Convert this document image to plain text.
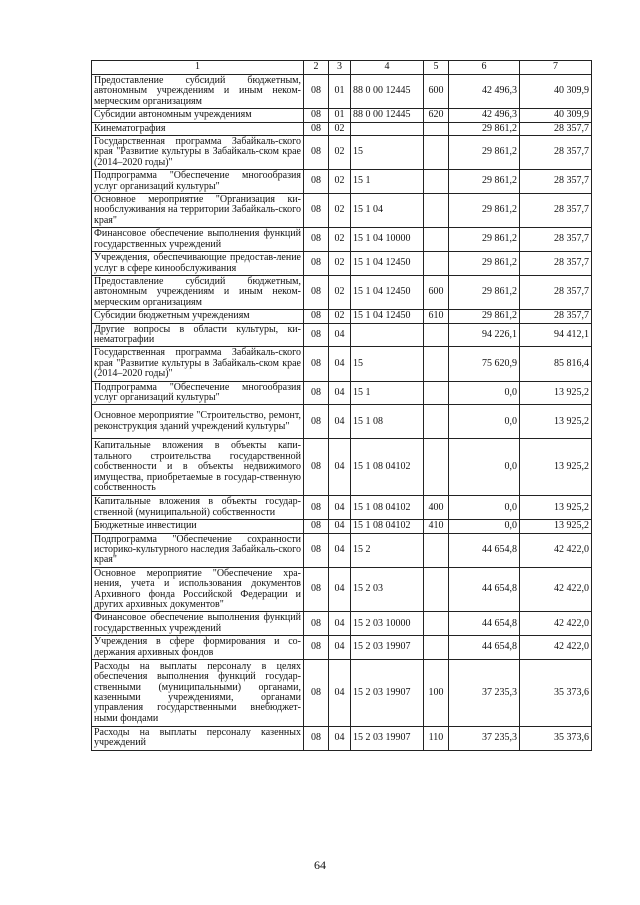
1	2	3	4	5	6	7
Предоставление субсидий бюджетным, автономным учреждениям и иным неком-мерческим организациям	08	01	88 0 00 12445	600	42 496,3	40 309,9
Субсидии автономным учреждениям	08	01	88 0 00 12445	620	42 496,3	40 309,9
Кинематография	08	02			29 861,2	28 357,7
Государственная программа Забайкаль-ского края "Развитие культуры в Забайкаль-ском крае (2014–2020 годы)"	08	02	15		29 861,2	28 357,7
Подпрограмма "Обеспечение многообразия услуг организаций культуры"	08	02	15 1		29 861,2	28 357,7
Основное мероприятие "Организация ки-нообслуживания на территории Забайкаль-ского края"	08	02	15 1 04		29 861,2	28 357,7
Финансовое обеспечение выполнения функций государственных учреждений	08	02	15 1 04 10000		29 861,2	28 357,7
Учреждения, обеспечивающие предостав-ление услуг в сфере кинообслуживания	08	02	15 1 04 12450		29 861,2	28 357,7
Предоставление субсидий бюджетным, автономным учреждениям и иным неком-мерческим организациям	08	02	15 1 04 12450	600	29 861,2	28 357,7
Субсидии бюджетным учреждениям	08	02	15 1 04 12450	610	29 861,2	28 357,7
Другие вопросы в области культуры, ки-нематографии	08	04			94 226,1	94 412,1
Государственная программа Забайкаль-ского края "Развитие культуры в Забайкаль-ском крае (2014–2020 годы)"	08	04	15		75 620,9	85 816,4
Подпрограмма "Обеспечение многообразия услуг организаций культуры"	08	04	15 1		0,0	13 925,2
Основное мероприятие "Строительство, ремонт, реконструкция зданий учреждений культуры"	08	04	15 1 08		0,0	13 925,2
Капитальные вложения в объекты капи-тального строительства государственной собственности и в объекты недвижимого имущества, приобретаемые в государ-ственную собственность	08	04	15 1 08 04102		0,0	13 925,2
Капитальные вложения в объекты государ-ственной (муниципальной) собственности	08	04	15 1 08 04102	400	0,0	13 925,2
Бюджетные инвестиции	08	04	15 1 08 04102	410	0,0	13 925,2
Подпрограмма "Обеспечение сохранности историко-культурного наследия Забайкаль-ского края"	08	04	15 2		44 654,8	42 422,0
Основное мероприятие "Обеспечение хра-нения, учета и использования документов Архивного фонда Российской Федерации и других архивных документов"	08	04	15 2 03		44 654,8	42 422,0
Финансовое обеспечение выполнения функций государственных учреждений	08	04	15 2 03 10000		44 654,8	42 422,0
Учреждения в сфере формирования и со-держания архивных фондов	08	04	15 2 03 19907		44 654,8	42 422,0
Расходы на выплаты персоналу в целях обеспечения выполнения функций государ-ственными (муниципальными) органами, казенными учреждениями, органами управления государственными внебюджет-ными фондами	08	04	15 2 03 19907	100	37 235,3	35 373,6
Расходы на выплаты персоналу казенных учреждений	08	04	15 2 03 19907	110	37 235,3	35 373,6
64
